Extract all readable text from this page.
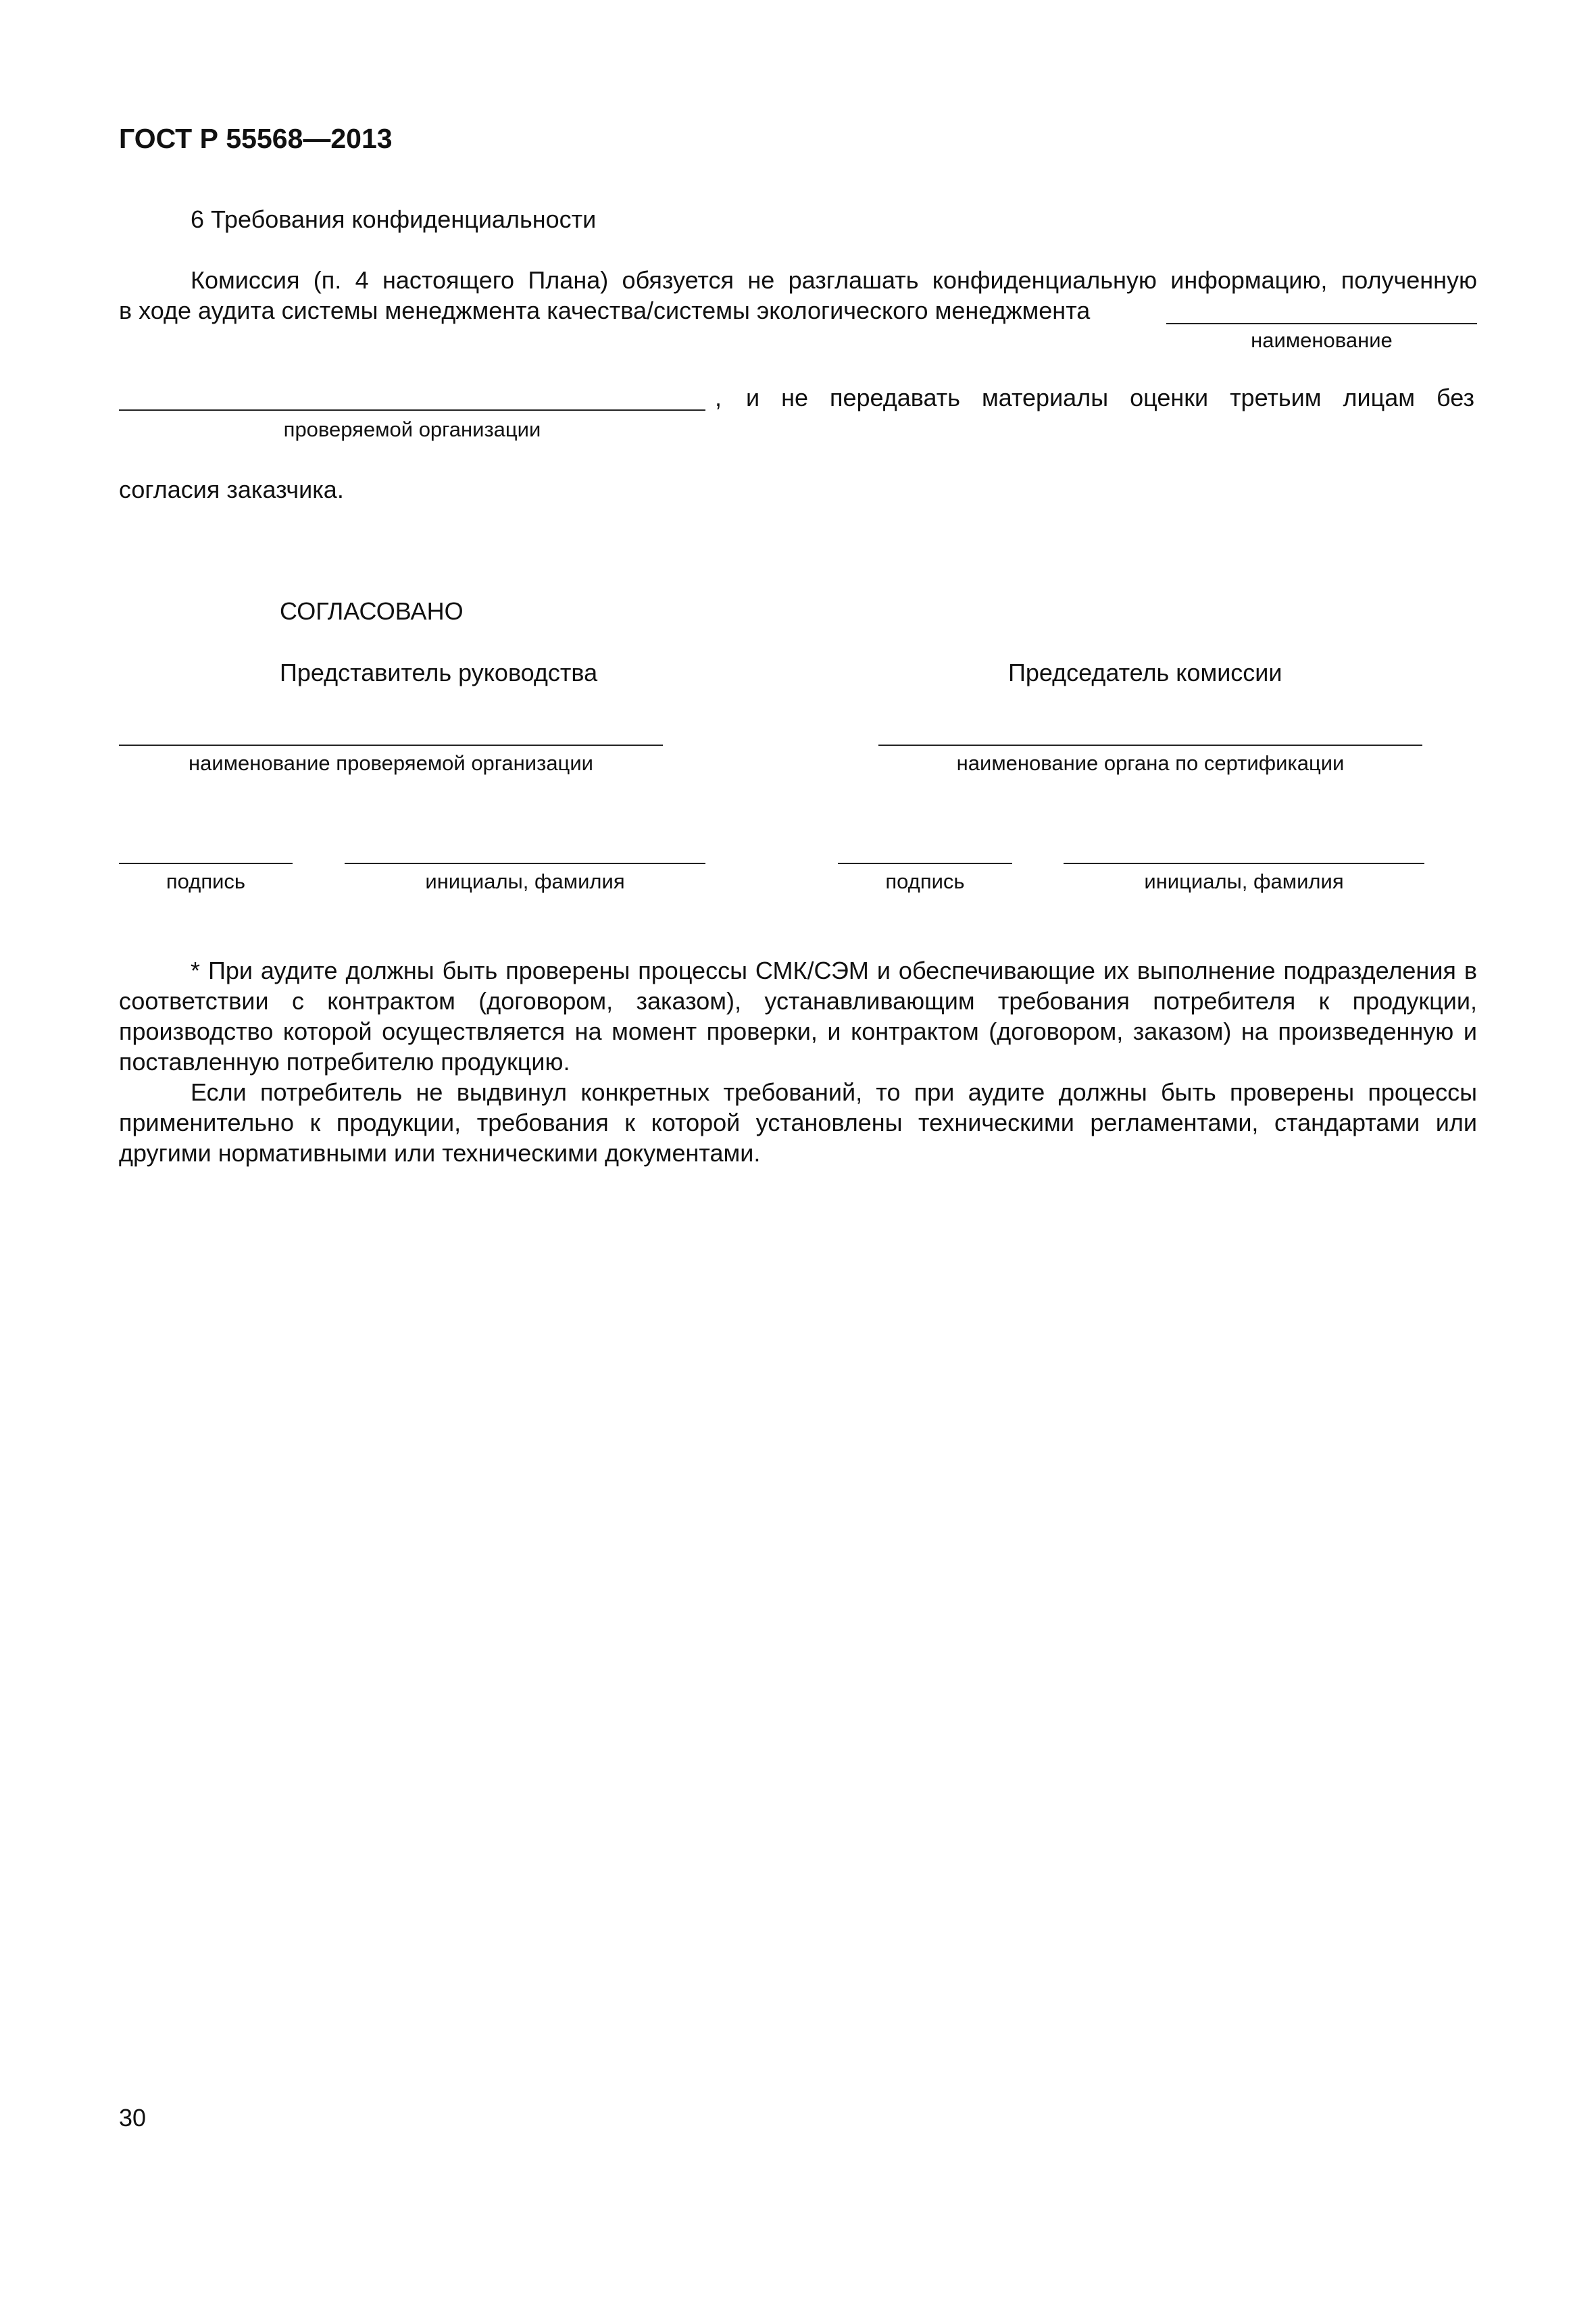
ГОСТ Р 55568—2013
6 Требования конфиденциальности
Комиссия (п. 4 настоящего Плана) обязуется не разглашать конфиденциальную информацию, полученную
в ходе аудита системы менеджмента качества/системы экологического менеджмента
наименование
, и не передавать материалы оценки третьим лицам без
проверяемой организации
согласия заказчика.
СОГЛАСОВАНО
Представитель руководства	Председатель комиссии
наименование проверяемой организации	наименование органа по сертификации
подпись	инициалы, фамилия	подпись	инициалы, фамилия
* При аудите должны быть проверены процессы СМК/СЭМ и обеспечивающие их выполнение подразделения в соответствии с контрактом (договором, заказом), устанавливающим требования потребителя к продукции, производство которой осуществляется на момент проверки, и контрактом (договором, заказом) на произведенную и поставленную потребителю продукцию.
Если потребитель не выдвинул конкретных требований, то при аудите должны быть проверены процессы применительно к продукции, требования к которой установлены техническими регламентами, стандартами или другими нормативными или техническими документами.
30
